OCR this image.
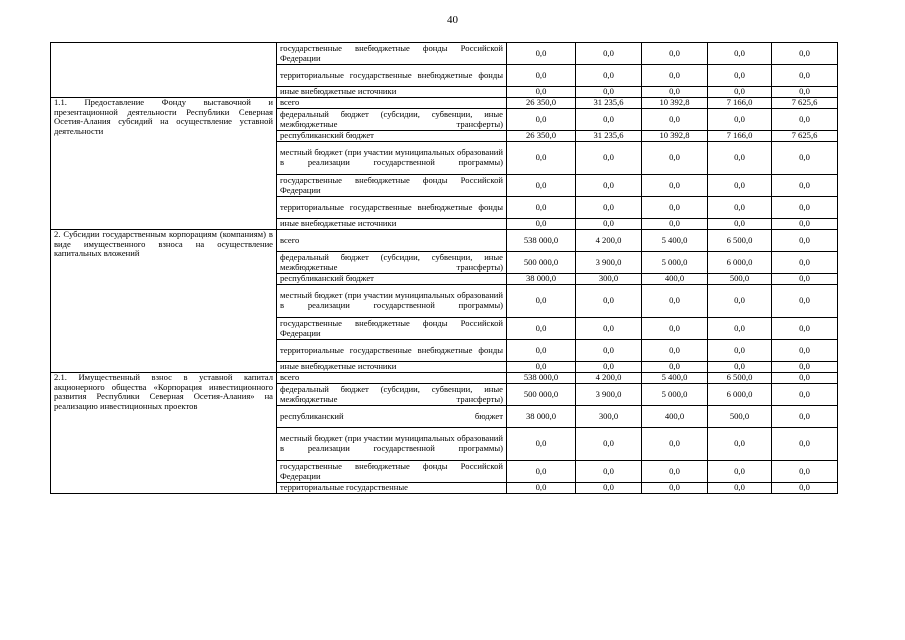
40
	государственные внебюджетные фонды Российской Федерации	0,0	0,0	0,0	0,0	0,0
	территориальные государственные внебюджетные фонды	0,0	0,0	0,0	0,0	0,0
	иные внебюджетные источники	0,0	0,0	0,0	0,0	0,0
1.1. Предоставление Фонду выставочной и презентационной деятельности Республики Северная Осетия-Алания субсидий на осуществление уставной деятельности	всего	26 350,0	31 235,6	10 392,8	7 166,0	7 625,6
	федеральный бюджет (субсидии, субвенции, иные межбюджетные трансферты)	0,0	0,0	0,0	0,0	0,0
	республиканский бюджет	26 350,0	31 235,6	10 392,8	7 166,0	7 625,6
	местный бюджет (при участии муниципальных образований в реализации государственной программы)	0,0	0,0	0,0	0,0	0,0
	государственные внебюджетные фонды Российской Федерации	0,0	0,0	0,0	0,0	0,0
	территориальные государственные внебюджетные фонды	0,0	0,0	0,0	0,0	0,0
	иные внебюджетные источники	0,0	0,0	0,0	0,0	0,0
2. Субсидии государственным корпорациям (компаниям) в виде имущественного взноса на осуществление капитальных вложений	всего	538 000,0	4 200,0	5 400,0	6 500,0	0,0
	федеральный бюджет (субсидии, субвенции, иные межбюджетные трансферты)	500 000,0	3 900,0	5 000,0	6 000,0	0,0
	республиканский бюджет	38 000,0	300,0	400,0	500,0	0,0
	местный бюджет (при участии муниципальных образований в реализации государственной программы)	0,0	0,0	0,0	0,0	0,0
	государственные внебюджетные фонды Российской Федерации	0,0	0,0	0,0	0,0	0,0
	территориальные государственные внебюджетные фонды	0,0	0,0	0,0	0,0	0,0
	иные внебюджетные источники	0,0	0,0	0,0	0,0	0,0
2.1. Имущественный взнос в уставной капитал акционерного общества «Корпорация инвестиционного развития Республики Северная Осетия-Алания» на реализацию инвестиционных проектов	всего	538 000,0	4 200,0	5 400,0	6 500,0	0,0
	федеральный бюджет (субсидии, субвенции, иные межбюджетные трансферты)	500 000,0	3 900,0	5 000,0	6 000,0	0,0
	республиканский бюджет	38 000,0	300,0	400,0	500,0	0,0
	местный бюджет (при участии муниципальных образований в реализации государственной программы)	0,0	0,0	0,0	0,0	0,0
	государственные внебюджетные фонды Российской Федерации	0,0	0,0	0,0	0,0	0,0
	территориальные государственные	0,0	0,0	0,0	0,0	0,0
